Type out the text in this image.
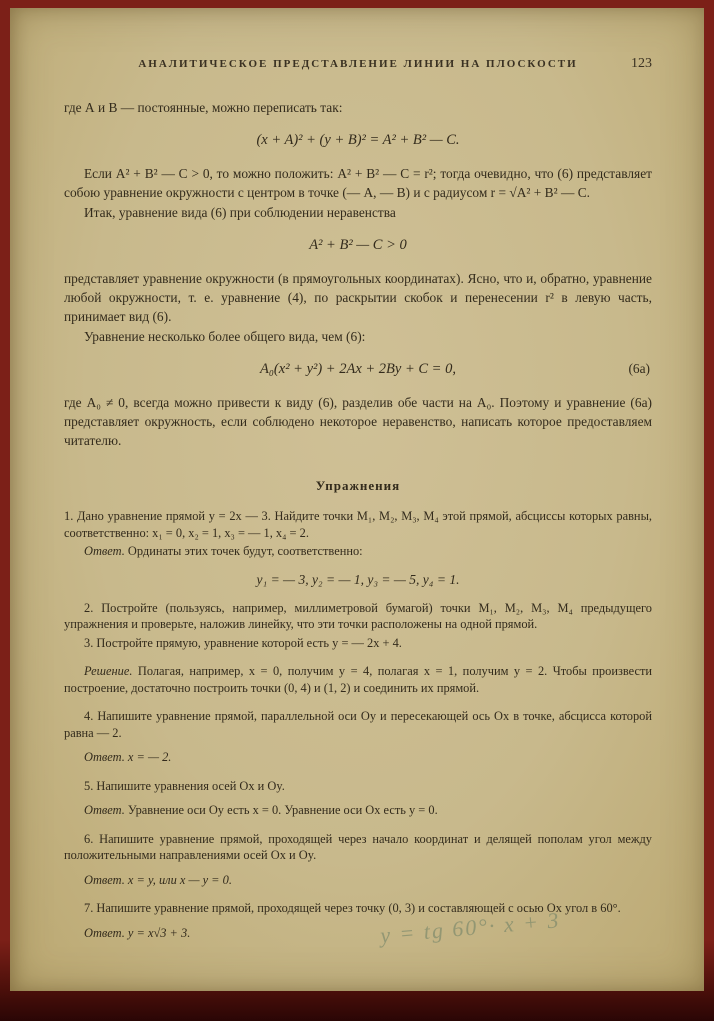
АНАЛИТИЧЕСКОЕ ПРЕДСТАВЛЕНИЕ ЛИНИИ НА ПЛОСКОСТИ	123

где А и В — постоянные, можно переписать так:

(x + A)² + (y + B)² = A² + B² — C.

Если A² + B² — C > 0, то можно положить: A² + B² — C = r²; тогда очевидно, что (6) представляет собою уравнение окружности с центром в точке (— A, — B) и с радиусом r = √A² + B² — C.

Итак, уравнение вида (6) при соблюдении неравенства

A² + B² — C > 0

представляет уравнение окружности (в прямоугольных координатах). Ясно, что и, обратно, уравнение любой окружности, т. е. уравнение (4), по раскрытии скобок и перенесении r² в левую часть, принимает вид (6).

Уравнение несколько более общего вида, чем (6):

A₀(x² + y²) + 2Ax + 2By + C = 0,	(6a)

где A₀ ≠ 0, всегда можно привести к виду (6), разделив обе части на A₀. Поэтому и уравнение (6а) представляет окружность, если соблюдено некоторое неравенство, написать которое предоставляем читателю.

Упражнения

1. Дано уравнение прямой y = 2x — 3. Найдите точки M₁, M₂, M₃, M₄ этой прямой, абсциссы которых равны, соответственно: x₁ = 0, x₂ = 1, x₃ = — 1, x₄ = 2.

Ответ. Ординаты этих точек будут, соответственно:

y₁ = — 3, y₂ = — 1, y₃ = — 5, y₄ = 1.

2. Постройте (пользуясь, например, миллиметровой бумагой) точки M₁, M₂, M₃, M₄ предыдущего упражнения и проверьте, наложив линейку, что эти точки расположены на одной прямой.

3. Постройте прямую, уравнение которой есть y = — 2x + 4.

Решение. Полагая, например, x = 0, получим y = 4, полагая x = 1, получим y = 2. Чтобы произвести построение, достаточно построить точки (0, 4) и (1, 2) и соединить их прямой.

4. Напишите уравнение прямой, параллельной оси Oy и пересекающей ось Ox в точке, абсцисса которой равна — 2.

Ответ. x = — 2.

5. Напишите уравнения осей Ox и Oy.

Ответ. Уравнение оси Oy есть x = 0. Уравнение оси Ox есть y = 0.

6. Напишите уравнение прямой, проходящей через начало координат и делящей пополам угол между положительными направлениями осей Ox и Oy.

Ответ. x = y, или x — y = 0.

7. Напишите уравнение прямой, проходящей через точку (0, 3) и составляющей с осью Ox угол в 60°.

Ответ. y = x√3 + 3.	y = tg 60°· x + 3
